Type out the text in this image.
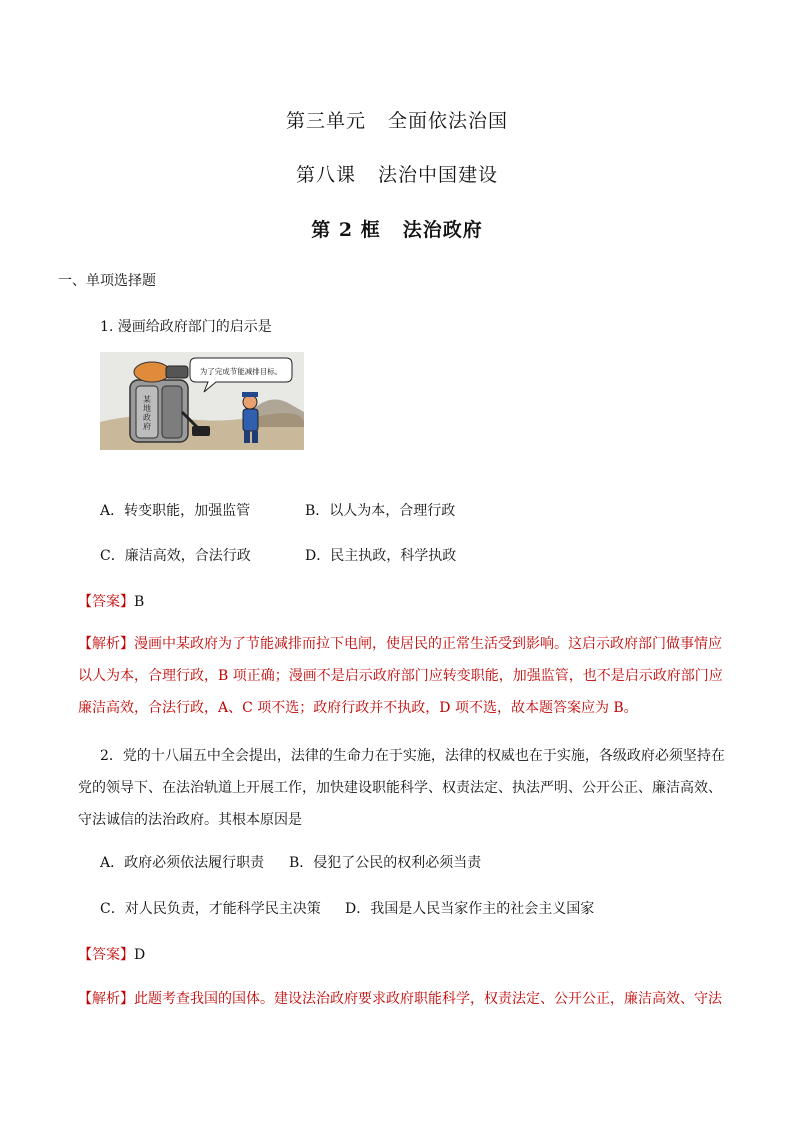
第三单元 全面依法治国
第八课 法治中国建设
第 2 框 法治政府
一、单项选择题
1. 漫画给政府部门的启示是
某地政府
为了完成节能减排目标。
A．转变职能，加强监管	B．以人为本，合理行政
C．廉洁高效，合法行政	D．民主执政，科学执政
【答案】B
【解析】漫画中某政府为了节能减排而拉下电闸，使居民的正常生活受到影响。这启示政府部门做事情应以人为本，合理行政，B 项正确；漫画不是启示政府部门应转变职能，加强监管，也不是启示政府部门应廉洁高效，合法行政，A、C 项不选；政府行政并不执政，D 项不选，故本题答案应为 B。
2．党的十八届五中全会提出，法律的生命力在于实施，法律的权威也在于实施，各级政府必须坚持在党的领导下、在法治轨道上开展工作，加快建设职能科学、权责法定、执法严明、公开公正、廉洁高效、守法诚信的法治政府。其根本原因是
A．政府必须依法履行职责 B．侵犯了公民的权利必须当责
C．对人民负责，才能科学民主决策 D．我国是人民当家作主的社会主义国家
【答案】D
【解析】此题考查我国的国体。建设法治政府要求政府职能科学，权责法定、公开公正，廉洁高效、守法
